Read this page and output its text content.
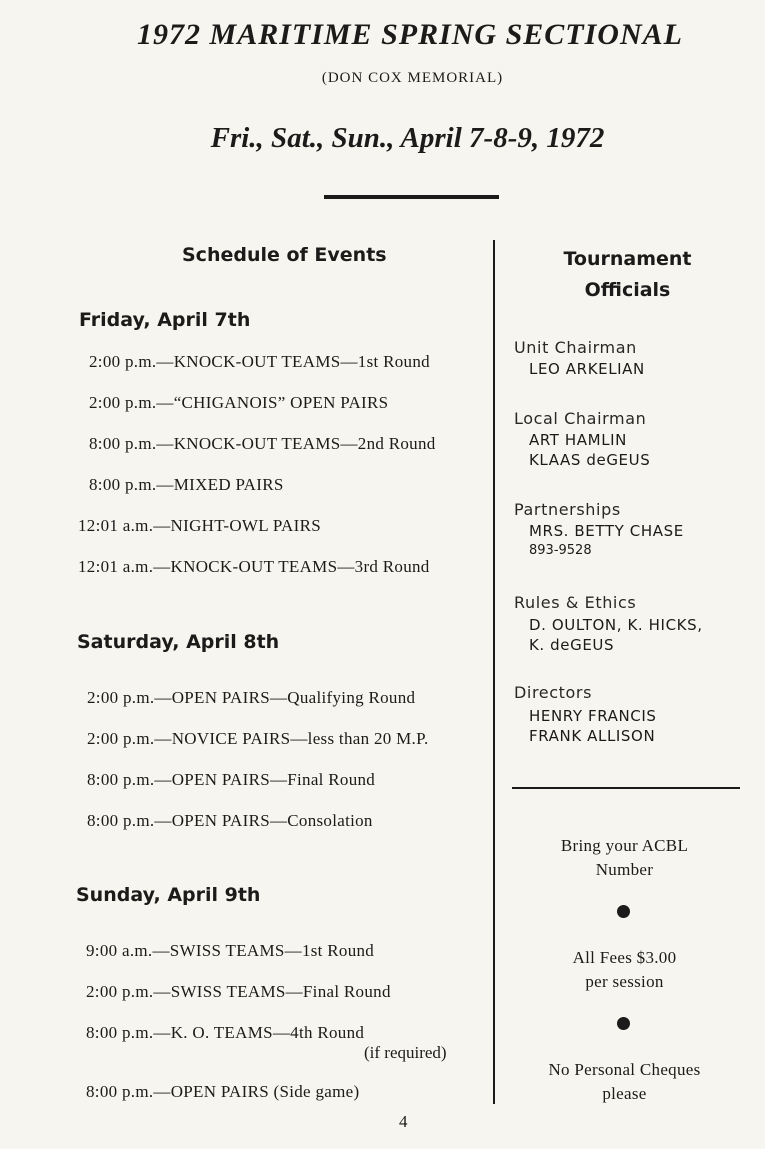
1972 MARITIME SPRING SECTIONAL
(DON COX MEMORIAL)
Fri., Sat., Sun., April 7-8-9, 1972
Schedule of Events
Friday, April 7th
2:00 p.m.—KNOCK-OUT TEAMS—1st Round
2:00 p.m.—“CHIGANOIS” OPEN PAIRS
8:00 p.m.—KNOCK-OUT TEAMS—2nd Round
8:00 p.m.—MIXED PAIRS
12:01 a.m.—NIGHT-OWL PAIRS
12:01 a.m.—KNOCK-OUT TEAMS—3rd Round
Saturday, April 8th
2:00 p.m.—OPEN PAIRS—Qualifying Round
2:00 p.m.—NOVICE PAIRS—less than 20 M.P.
8:00 p.m.—OPEN PAIRS—Final Round
8:00 p.m.—OPEN PAIRS—Consolation
Sunday, April 9th
9:00 a.m.—SWISS TEAMS—1st Round
2:00 p.m.—SWISS TEAMS—Final Round
8:00 p.m.—K. O. TEAMS—4th Round
(if required)
8:00 p.m.—OPEN PAIRS (Side game)
Tournament
Officials
Unit Chairman
LEO ARKELIAN
Local Chairman
ART HAMLIN
KLAAS deGEUS
Partnerships
MRS. BETTY CHASE
893-9528
Rules & Ethics
D. OULTON, K. HICKS,
K. deGEUS
Directors
HENRY FRANCIS
FRANK ALLISON
Bring your ACBL
Number
All Fees $3.00
per session
No Personal Cheques
please
4
